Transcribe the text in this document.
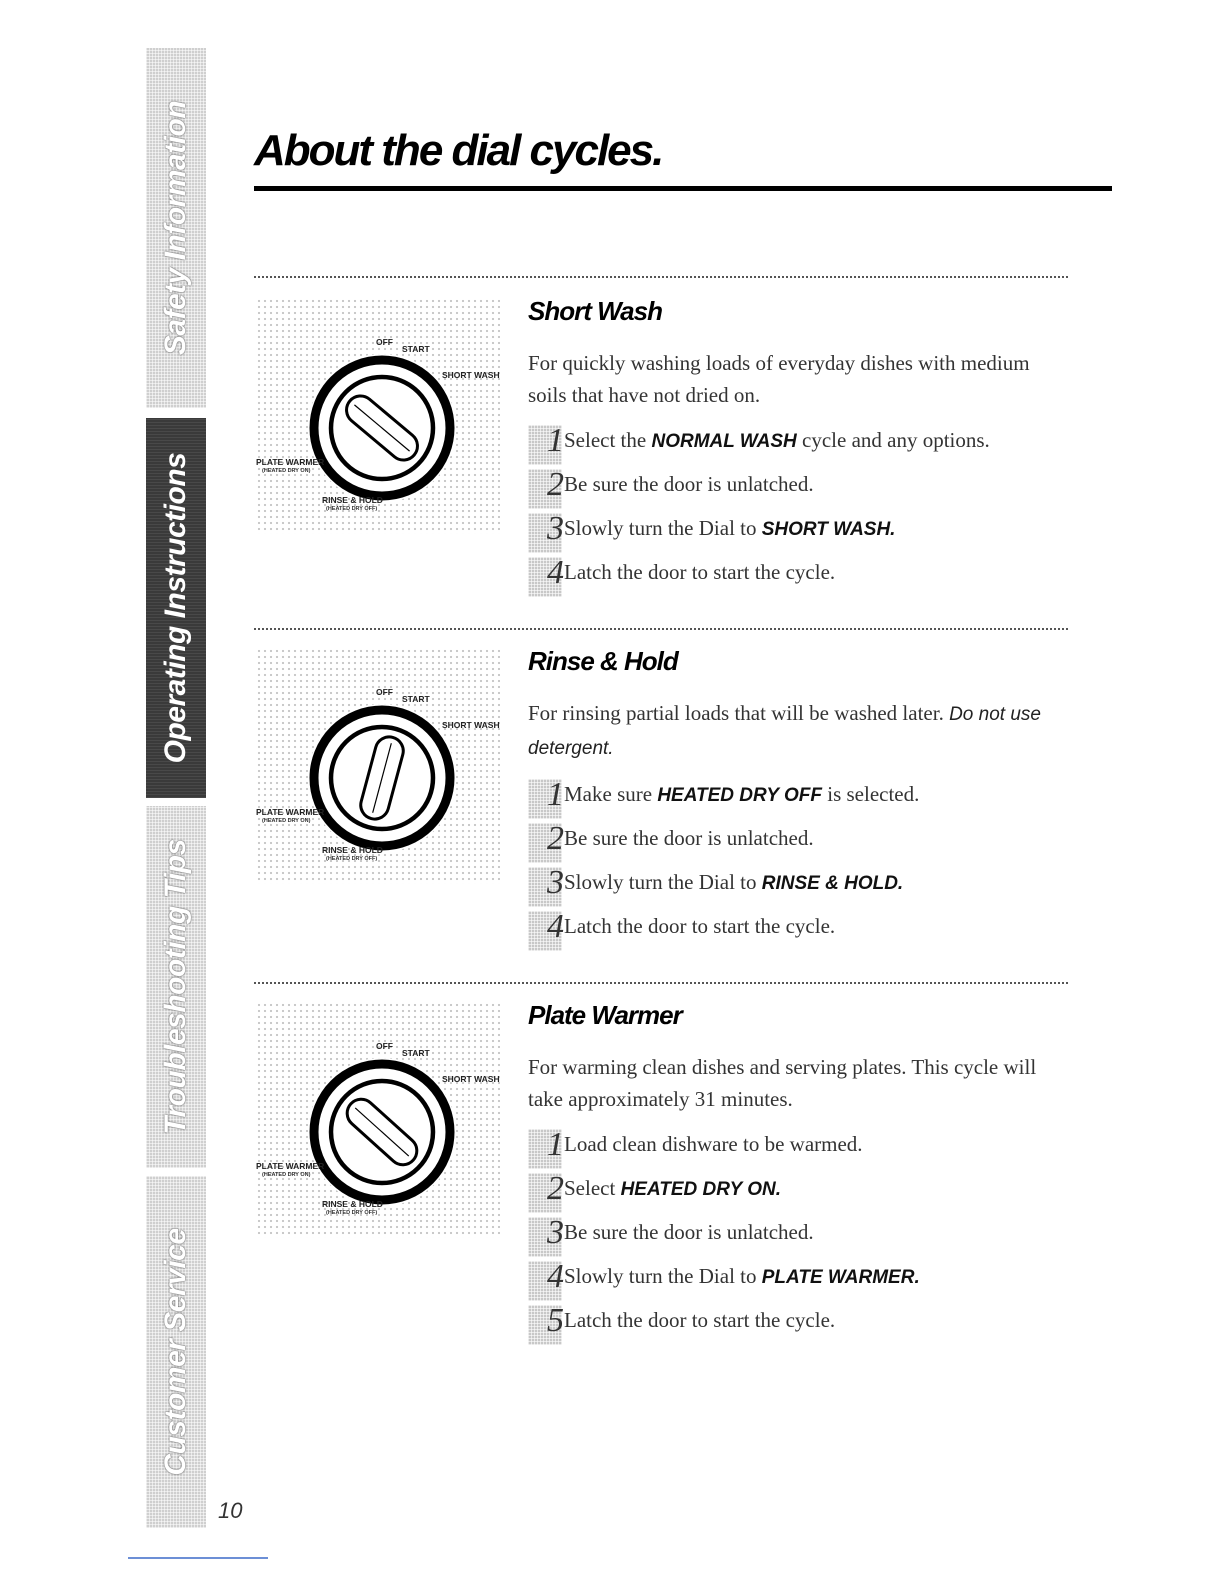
Safety Information
Operating Instructions
Troubleshooting Tips
Customer Service
About the dial cycles.
OFF
START
SHORT WASH
PLATE WARMER
(HEATED DRY ON)
RINSE & HOLD
(HEATED DRY OFF)
Short Wash

For quickly washing loads of everyday dishes with medium soils that have not dried on.

1 Select the NORMAL WASH cycle and any options.
2 Be sure the door is unlatched.
3 Slowly turn the Dial to SHORT WASH.
4 Latch the door to start the cycle.
OFF
START
SHORT WASH
PLATE WARMER
(HEATED DRY ON)
RINSE & HOLD
(HEATED DRY OFF)
Rinse & Hold

For rinsing partial loads that will be washed later. Do not use detergent.

1 Make sure HEATED DRY OFF is selected.
2 Be sure the door is unlatched.
3 Slowly turn the Dial to RINSE & HOLD.
4 Latch the door to start the cycle.
OFF
START
SHORT WASH
PLATE WARMER
(HEATED DRY ON)
RINSE & HOLD
(HEATED DRY OFF)
Plate Warmer

For warming clean dishes and serving plates. This cycle will take approximately 31 minutes.

1 Load clean dishware to be warmed.
2 Select HEATED DRY ON.
3 Be sure the door is unlatched.
4 Slowly turn the Dial to PLATE WARMER.
5 Latch the door to start the cycle.
10
